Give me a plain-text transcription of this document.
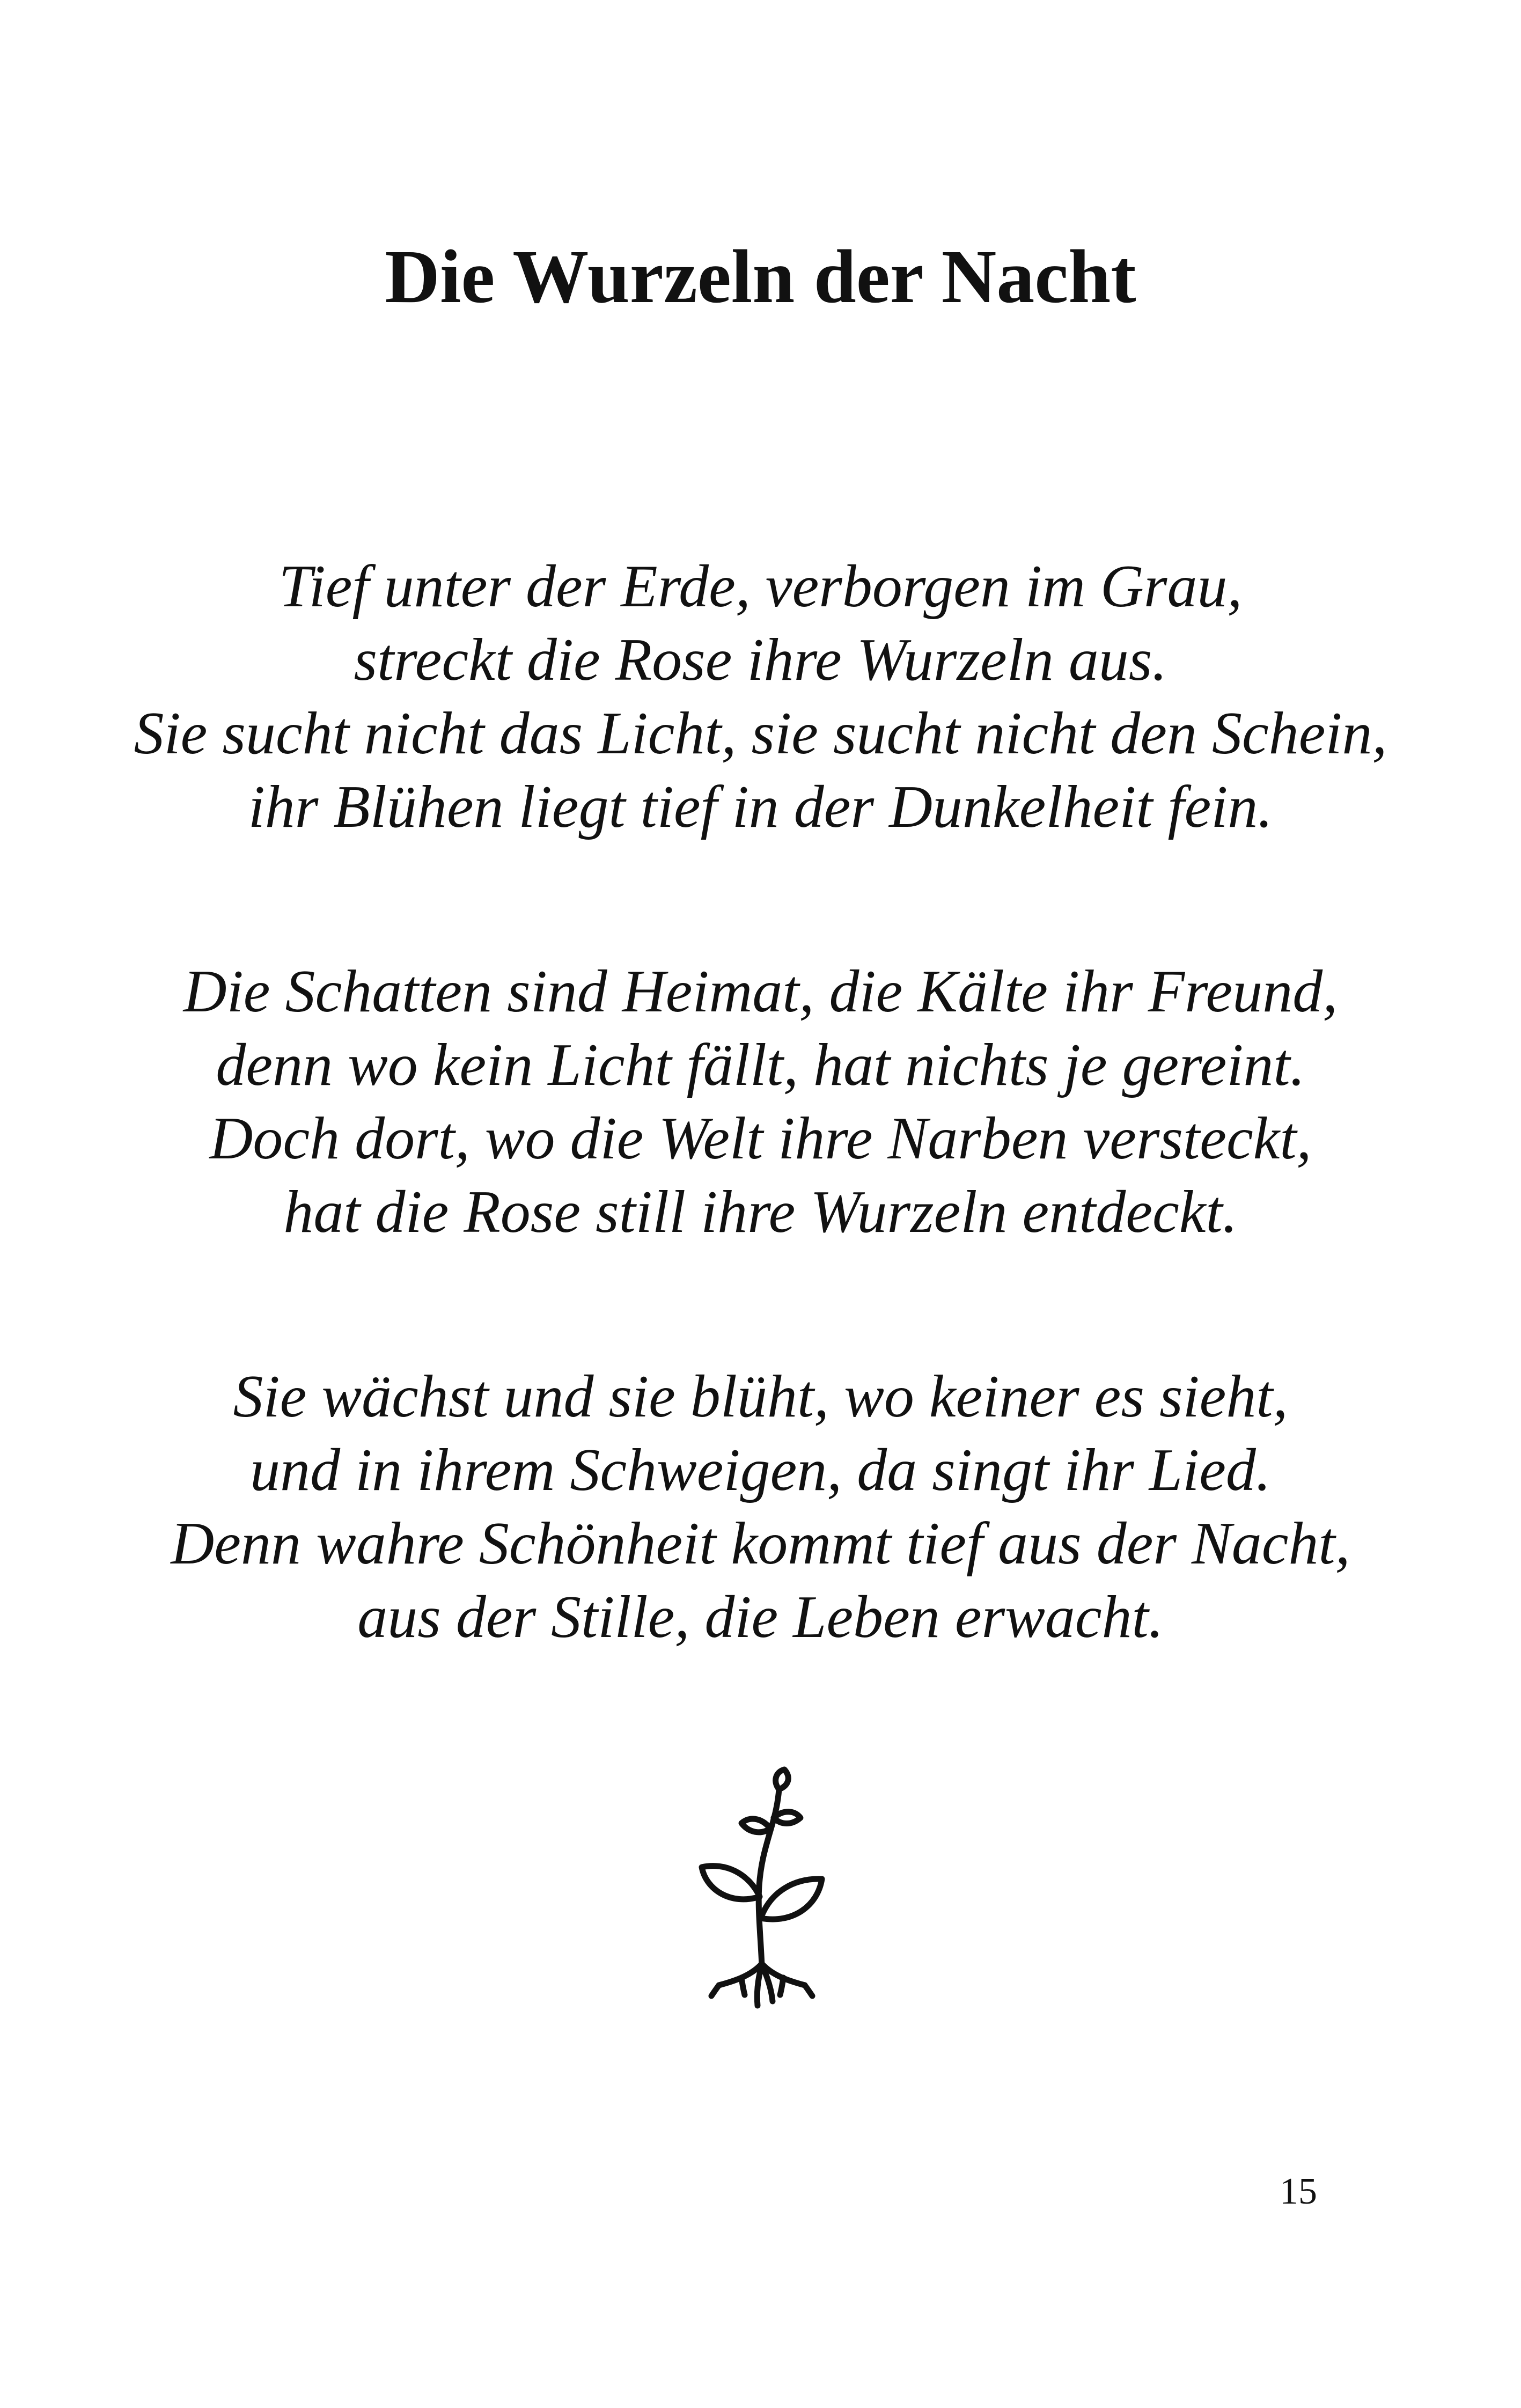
Die Wurzeln der Nacht
Tief unter der Erde, verborgen im Grau,
streckt die Rose ihre Wurzeln aus.
Sie sucht nicht das Licht, sie sucht nicht den Schein,
ihr Blühen liegt tief in der Dunkelheit fein.
Die Schatten sind Heimat, die Kälte ihr Freund,
denn wo kein Licht fällt, hat nichts je gereint.
Doch dort, wo die Welt ihre Narben versteckt,
hat die Rose still ihre Wurzeln entdeckt.
Sie wächst und sie blüht, wo keiner es sieht,
und in ihrem Schweigen, da singt ihr Lied.
Denn wahre Schönheit kommt tief aus der Nacht,
aus der Stille, die Leben erwacht.
15
